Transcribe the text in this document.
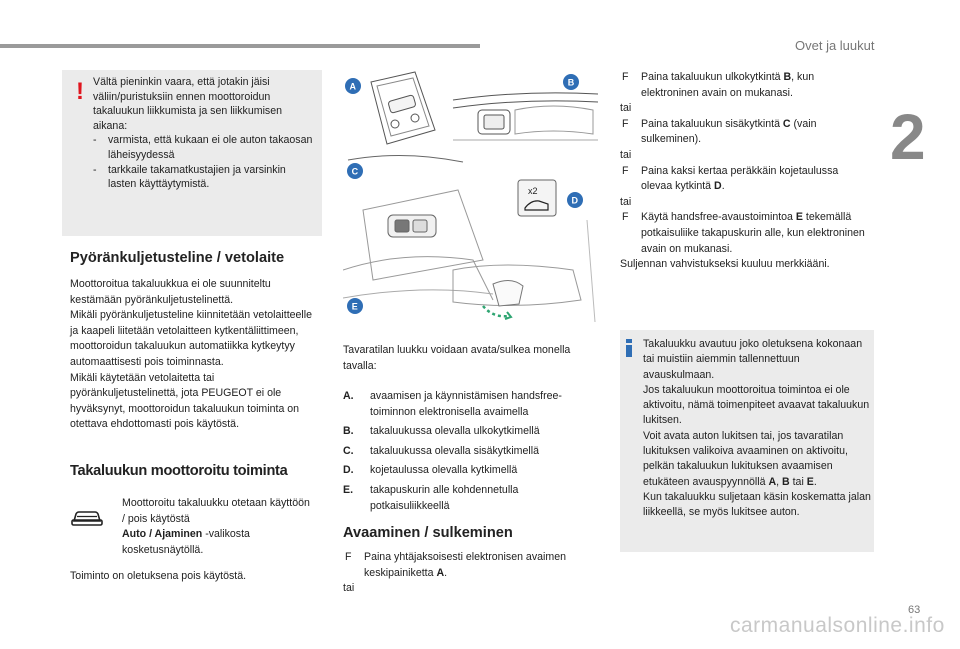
Ovet ja luukut
2
63
carmanualsonline.info
! Vältä pieninkin vaara, että jotakin jäisi väliin/puristuksiin ennen moottoroidun takaluukun liikkumista ja sen liikkumisen aikana:

- varmista, että kukaan ei ole auton takaosan läheisyydessä
- tarkkaile takamatkustajien ja varsinkin lasten käyttäytymistä.
Pyöränkuljetusteline / vetolaite

Moottoroitua takaluukkua ei ole suunniteltu kestämään pyöränkuljetustelinettä.
Mikäli pyöränkuljetusteline kiinnitetään vetolaitteelle ja kaapeli liitetään vetolaitteen kytkentäliittimeen, moottoroidun takaluukun automatiikka kytkeytyy automaattisesti pois toiminnasta.
Mikäli käytetään vetolaitetta tai pyöränkuljetustelinettä, jota PEUGEOT ei ole hyväksynyt, moottoroidun takaluukun toiminta on otettava ehdottomasti pois käytöstä.

Takaluukun moottoroitu toiminta

Moottoroitu takaluukku otetaan käyttöön / pois käytöstä
Auto / Ajaminen -valikosta kosketusnäytöllä.

Toiminto on oletuksena pois käytöstä.

x2
A	B
C
D
E

Tavaratilan luukku voidaan avata/sulkea monella tavalla:

A. avaamisen ja käynnistämisen handsfree-toiminnon elektronisella avaimella
B. takaluukussa olevalla ulkokytkimellä
C. takaluukussa olevalla sisäkytkimellä
D. kojetaulussa olevalla kytkimellä
E. takapuskurin alle kohdennetulla potkaisuliikkeellä
Avaaminen / sulkeminen
F Paina yhtäjaksoisesti elektronisen avaimen keskipainiketta A.
tai
F Paina takaluukun ulkokytkintä B, kun elektroninen avain on mukanasi.
tai
F Paina takaluukun sisäkytkintä C (vain sulkeminen).
tai
F Paina kaksi kertaa peräkkäin kojetaulussa olevaa kytkintä D.
tai
F Käytä handsfree-avaustoimintoa E tekemällä potkaisuliike takapuskurin alle, kun elektroninen avain on mukanasi.
Suljennan vahvistukseksi kuuluu merkkiääni.

Takaluukku avautuu joko oletuksena kokonaan tai muistiin aiemmin tallennettuun avauskulmaan.

Jos takaluukun moottoroitua toimintoa ei ole aktivoitu, nämä toimenpiteet avaavat takaluukun lukitsen.

Voit avata auton lukitsen tai, jos tavaratilan lukituksen valikoiva avaaminen on aktivoitu, pelkän takaluukun lukituksen avaamisen etukäteen avauspyynnöllä A, B tai E.

Kun takaluukku suljetaan käsin koskematta jalan liikkeellä, se myös lukitsee auton.
